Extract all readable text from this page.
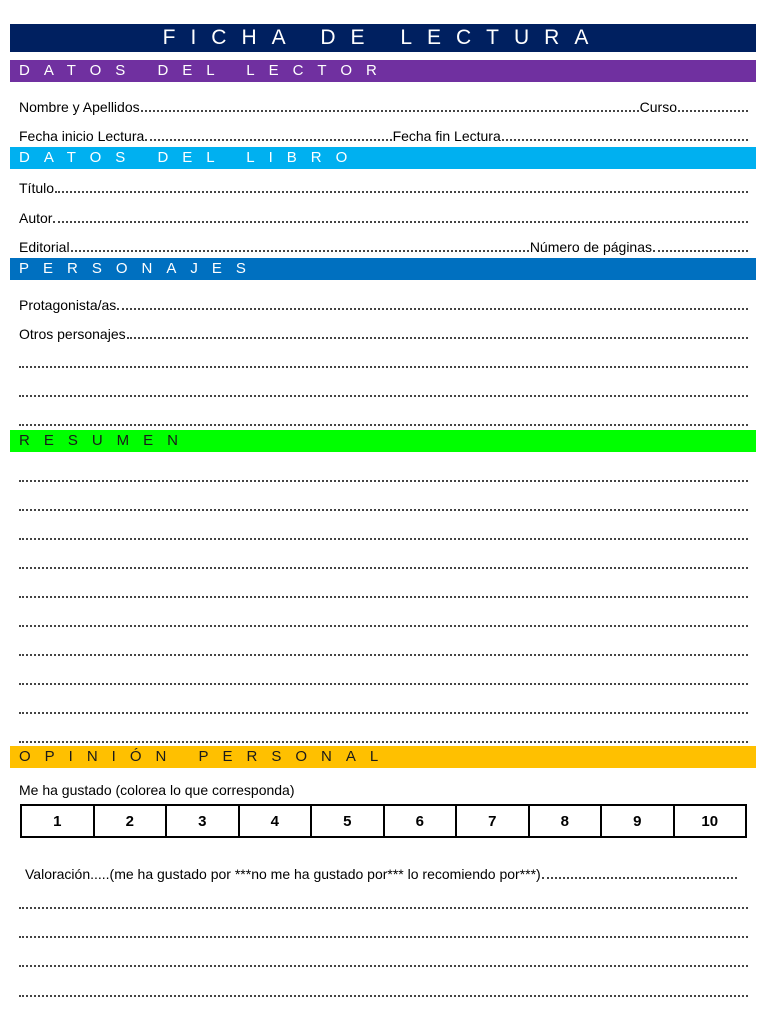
FICHA DE LECTURA
DATOS DEL LECTOR
Nombre y Apellidos	Curso
Fecha inicio Lectura	Fecha fin Lectura
DATOS DEL LIBRO
Título
Autor
Editorial	Número de páginas
PERSONAJES
Protagonista/as
Otros personajes
RESUMEN
OPINIÓN PERSONAL
Me ha gustado (colorea lo que corresponda)
1	2	3	4	5	6	7	8	9	10
Valoración.....(me ha gustado por ***no me ha gustado por*** lo recomiendo por***)
